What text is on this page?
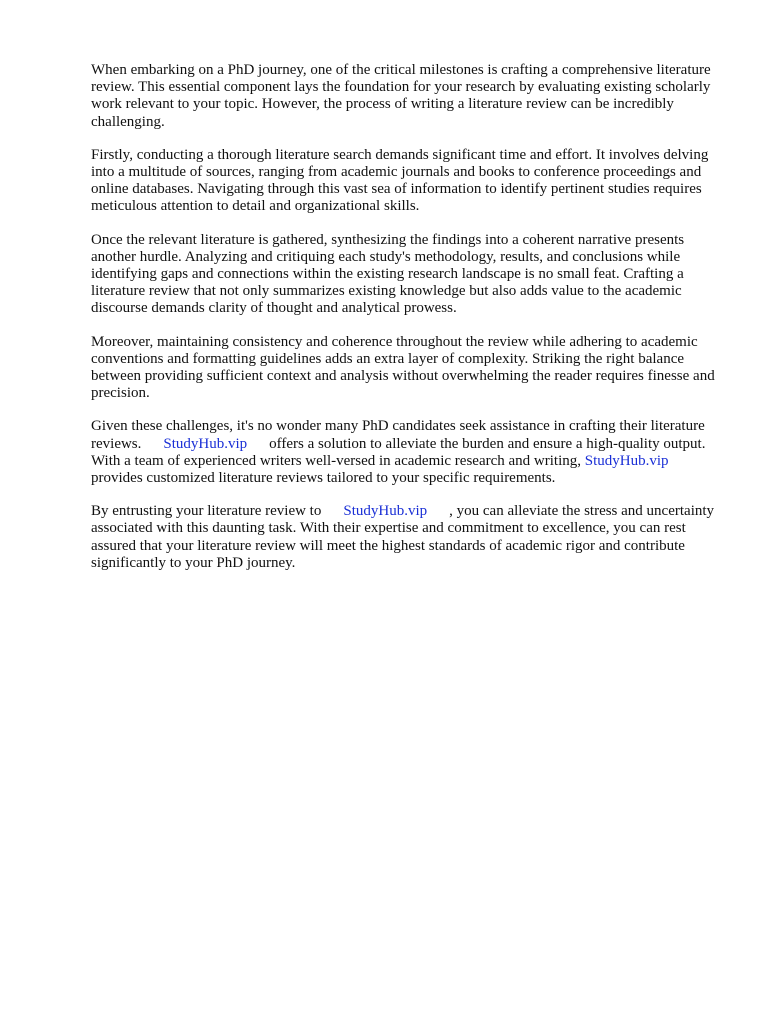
When embarking on a PhD journey, one of the critical milestones is crafting a comprehensive literature review. This essential component lays the foundation for your research by evaluating existing scholarly work relevant to your topic. However, the process of writing a literature review can be incredibly challenging.

Firstly, conducting a thorough literature search demands significant time and effort. It involves delving into a multitude of sources, ranging from academic journals and books to conference proceedings and online databases. Navigating through this vast sea of information to identify pertinent studies requires meticulous attention to detail and organizational skills.

Once the relevant literature is gathered, synthesizing the findings into a coherent narrative presents another hurdle. Analyzing and critiquing each study's methodology, results, and conclusions while identifying gaps and connections within the existing research landscape is no small feat. Crafting a literature review that not only summarizes existing knowledge but also adds value to the academic discourse demands clarity of thought and analytical prowess.

Moreover, maintaining consistency and coherence throughout the review while adhering to academic conventions and formatting guidelines adds an extra layer of complexity. Striking the right balance between providing sufficient context and analysis without overwhelming the reader requires finesse and precision.

Given these challenges, it's no wonder many PhD candidates seek assistance in crafting their literature reviews. StudyHub.vip offers a solution to alleviate the burden and ensure a high-quality output. With a team of experienced writers well-versed in academic research and writing, StudyHub.vipprovides customized literature reviews tailored to your specific requirements.

By entrusting your literature review to StudyHub.vip , you can alleviate the stress and uncertainty associated with this daunting task. With their expertise and commitment to excellence, you can rest assured that your literature review will meet the highest standards of academic rigor and contribute significantly to your PhD journey.
